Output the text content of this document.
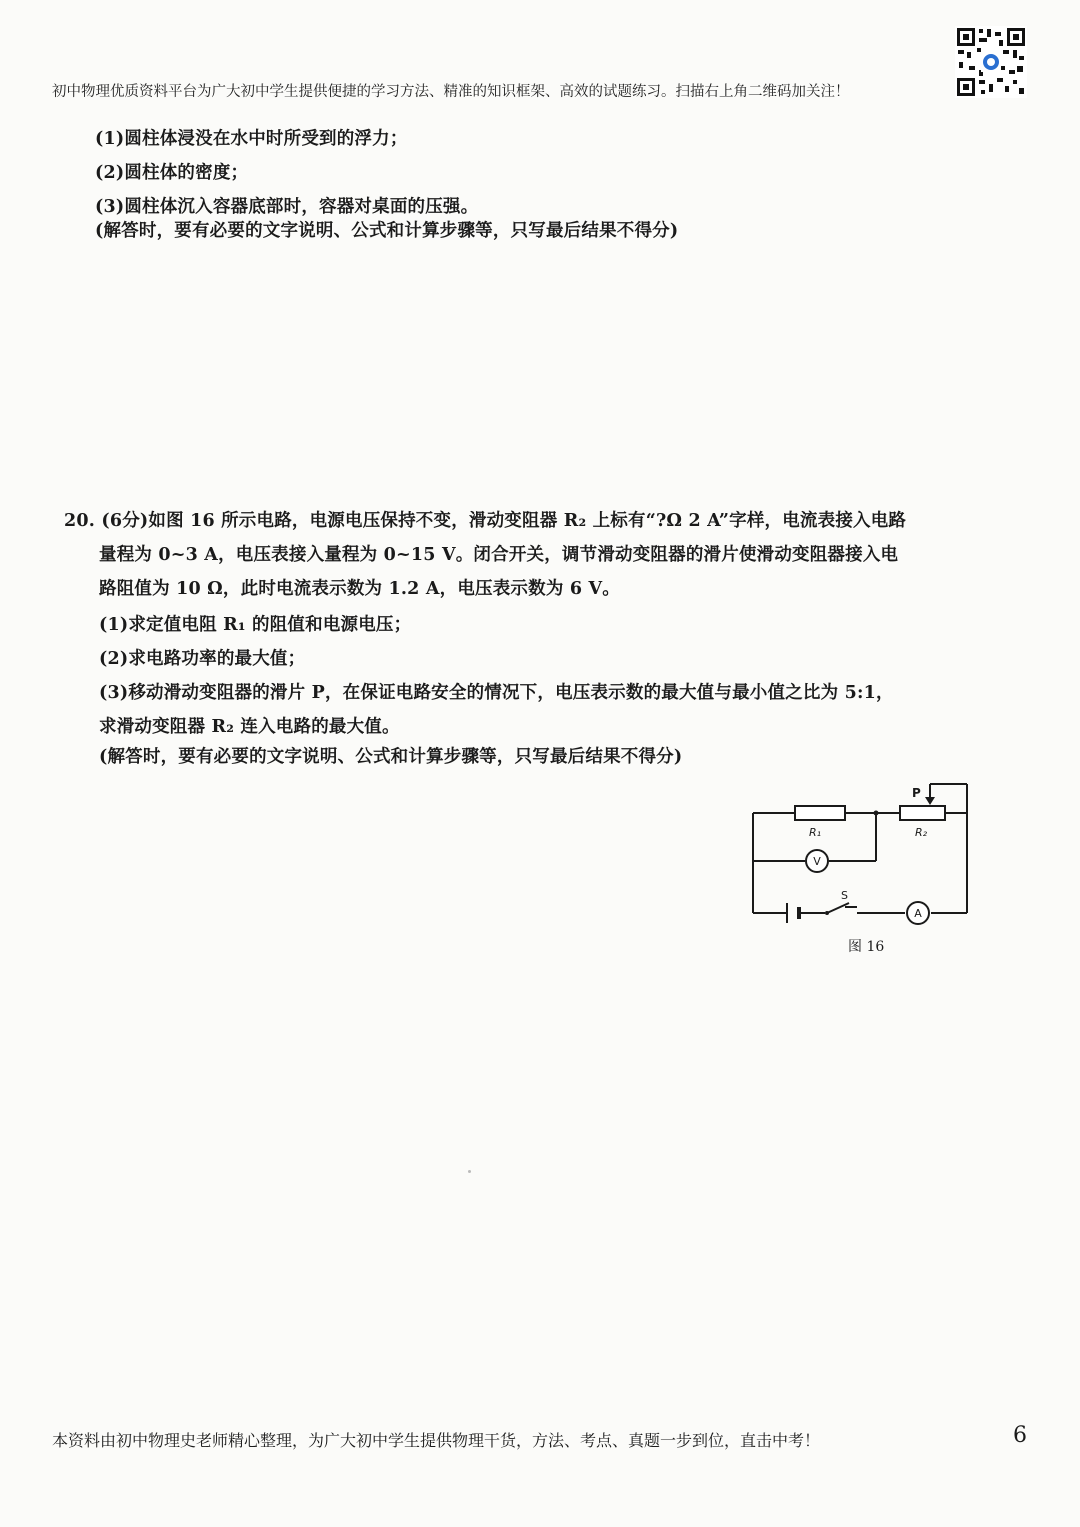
初中物理优质资料平台为广大初中学生提供便捷的学习方法、精准的知识框架、高效的试题练习。扫描右上角二维码加关注！
(1)圆柱体浸没在水中时所受到的浮力；
(2)圆柱体的密度；
(3)圆柱体沉入容器底部时，容器对桌面的压强。
(解答时，要有必要的文字说明、公式和计算步骤等，只写最后结果不得分)
20. (6分)如图 16 所示电路，电源电压保持不变，滑动变阻器 R₂ 上标有“?Ω 2 A”字样，电流表接入电路
量程为 0~3 A，电压表接入量程为 0~15 V。闭合开关，调节滑动变阻器的滑片使滑动变阻器接入电
路阻值为 10 Ω，此时电流表示数为 1.2 A，电压表示数为 6 V。
(1)求定值电阻 R₁ 的阻值和电源电压；
(2)求电路功率的最大值；
(3)移动滑动变阻器的滑片 P，在保证电路安全的情况下，电压表示数的最大值与最小值之比为 5:1，
求滑动变阻器 R₂ 连入电路的最大值。
(解答时，要有必要的文字说明、公式和计算步骤等，只写最后结果不得分)
R₁	R₂
P
S
V
A
图 16
本资料由初中物理史老师精心整理，为广大初中学生提供物理干货，方法、考点、真题一步到位，直击中考！	6
